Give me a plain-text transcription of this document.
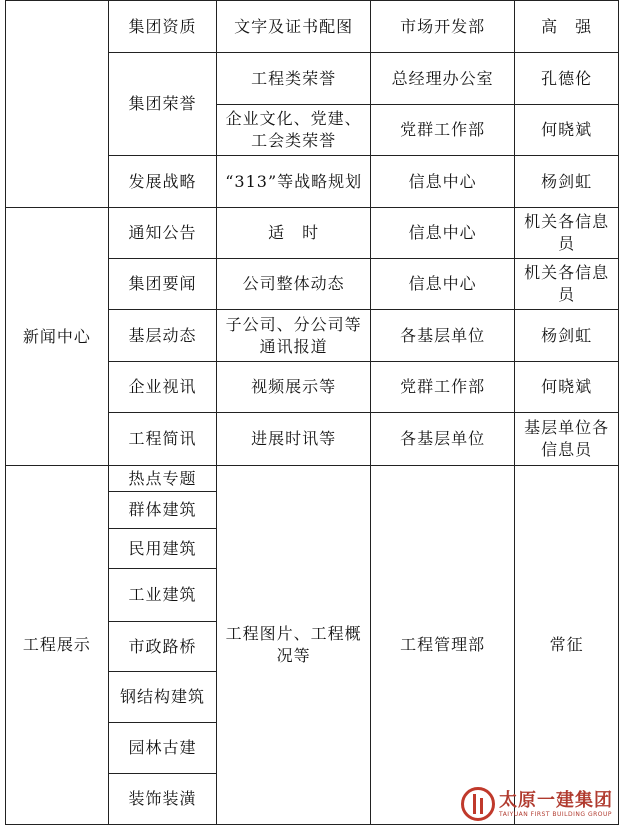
	集团资质	文字及证书配图	市场开发部	高　强
	集团荣誉	工程类荣誉	总经理办公室	孔德伦
		企业文化、党建、工会类荣誉	党群工作部	何晓斌
	发展战略	“313”等战略规划	信息中心	杨剑虹
新闻中心	通知公告	适　时	信息中心	机关各信息员
	集团要闻	公司整体动态	信息中心	机关各信息员
	基层动态	子公司、分公司等通讯报道	各基层单位	杨剑虹
	企业视讯	视频展示等	党群工作部	何晓斌
	工程简讯	进展时讯等	各基层单位	基层单位各信息员
工程展示	热点专题	工程图片、工程概况等	工程管理部	常征
	群体建筑			
	民用建筑			
	工业建筑			
	市政路桥			
	钢结构建筑			
	园林古建			
	装饰装潢				太原一建集团
TAIYUAN FIRST BUILDING GROUP
